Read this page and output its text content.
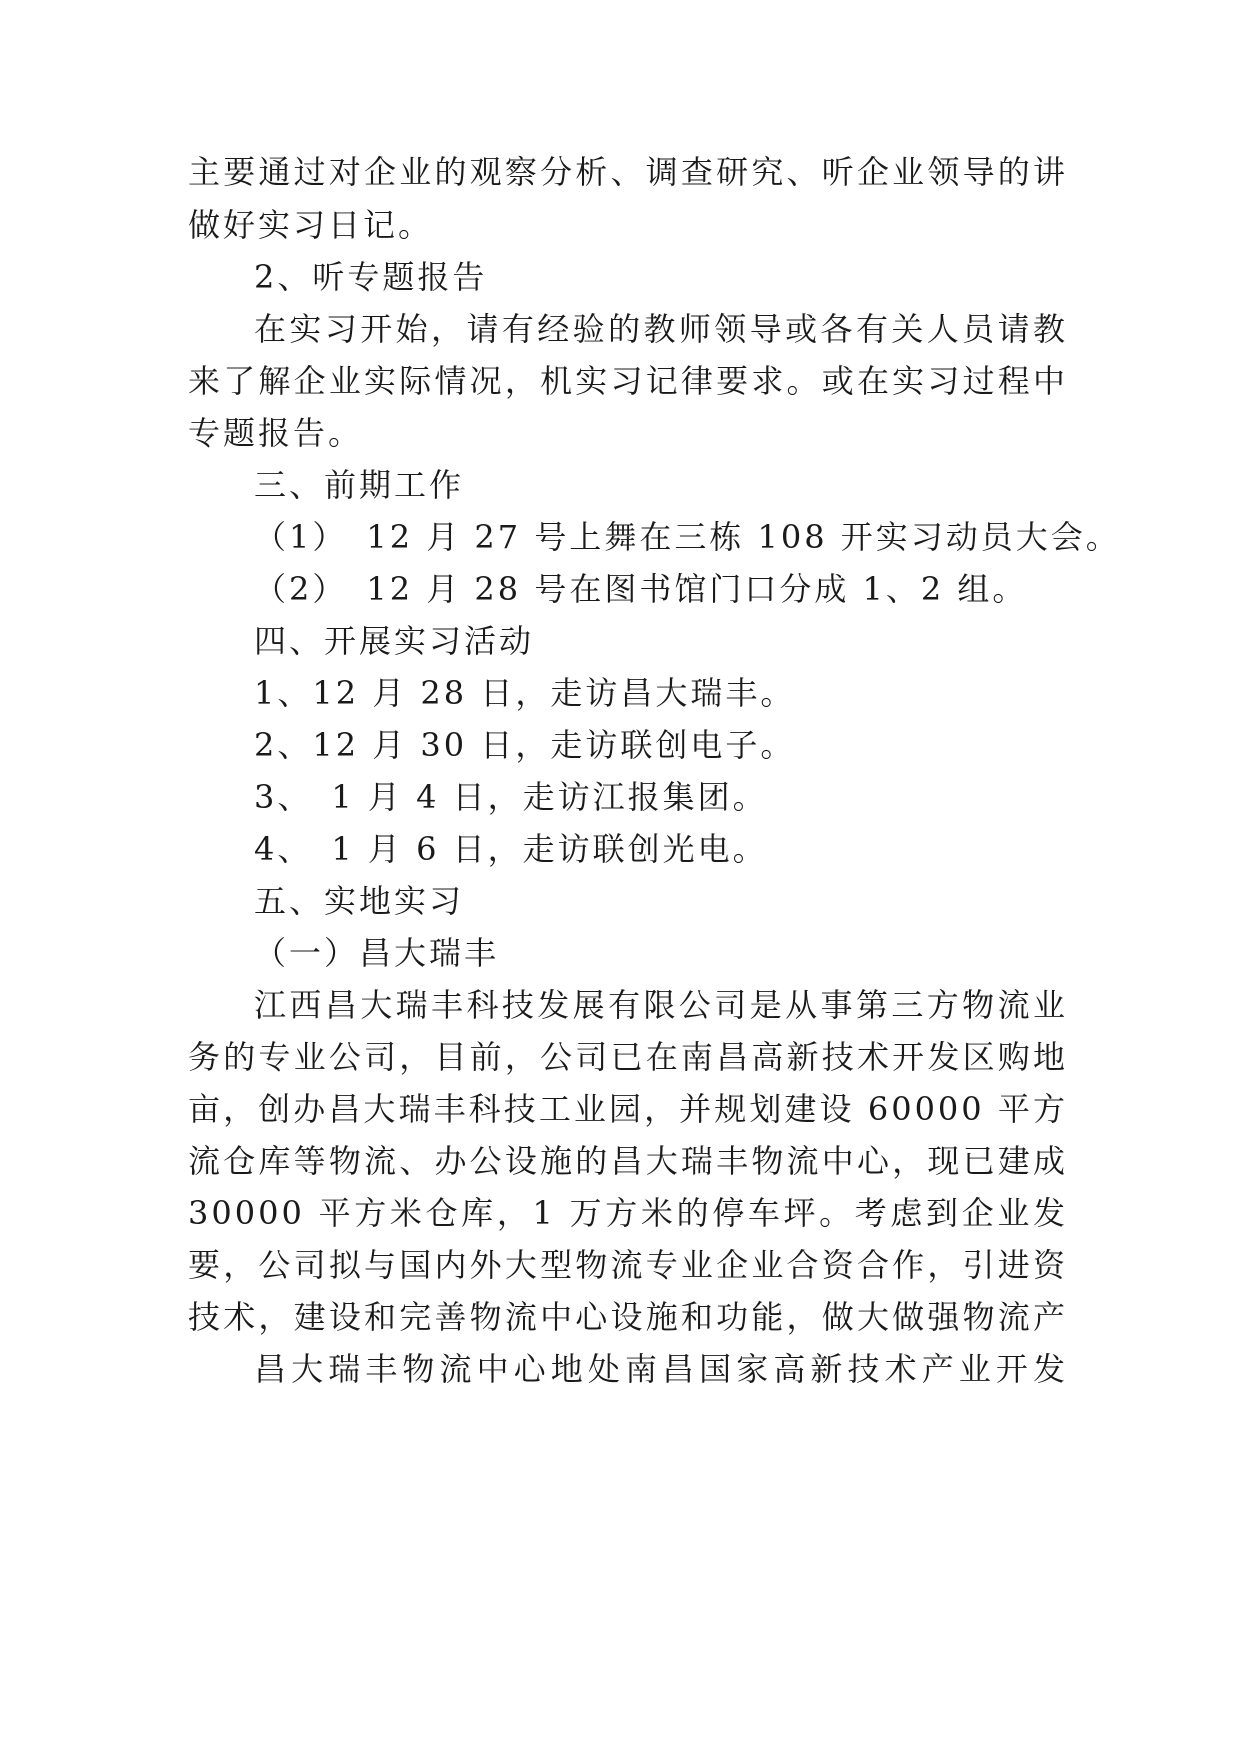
主要通过对企业的观察分析、调查研究、听企业领导的讲
做好实习日记。
2、听专题报告
在实习开始，请有经验的教师领导或各有关人员请教
来了解企业实际情况，机实习记律要求。或在实习过程中
专题报告。
三、前期工作
（1）　12 月 27 号上舞在三栋 108 开实习动员大会。
（2）　12 月 28 号在图书馆门口分成 1、2 组。
四、开展实习活动
1、12 月 28 日，走访昌大瑞丰。
2、12 月 30 日，走访联创电子。
3、　1 月 4 日，走访江报集团。
4、　1 月 6 日，走访联创光电。
五、实地实习
（一）昌大瑞丰
江西昌大瑞丰科技发展有限公司是从事第三方物流业
务的专业公司，目前，公司已在南昌高新技术开发区购地
亩，创办昌大瑞丰科技工业园，并规划建设 60000 平方
流仓库等物流、办公设施的昌大瑞丰物流中心，现已建成
30000 平方米仓库，1 万方米的停车坪。考虑到企业发
要，公司拟与国内外大型物流专业企业合资合作，引进资
技术，建设和完善物流中心设施和功能，做大做强物流产
昌大瑞丰物流中心地处南昌国家高新技术产业开发
